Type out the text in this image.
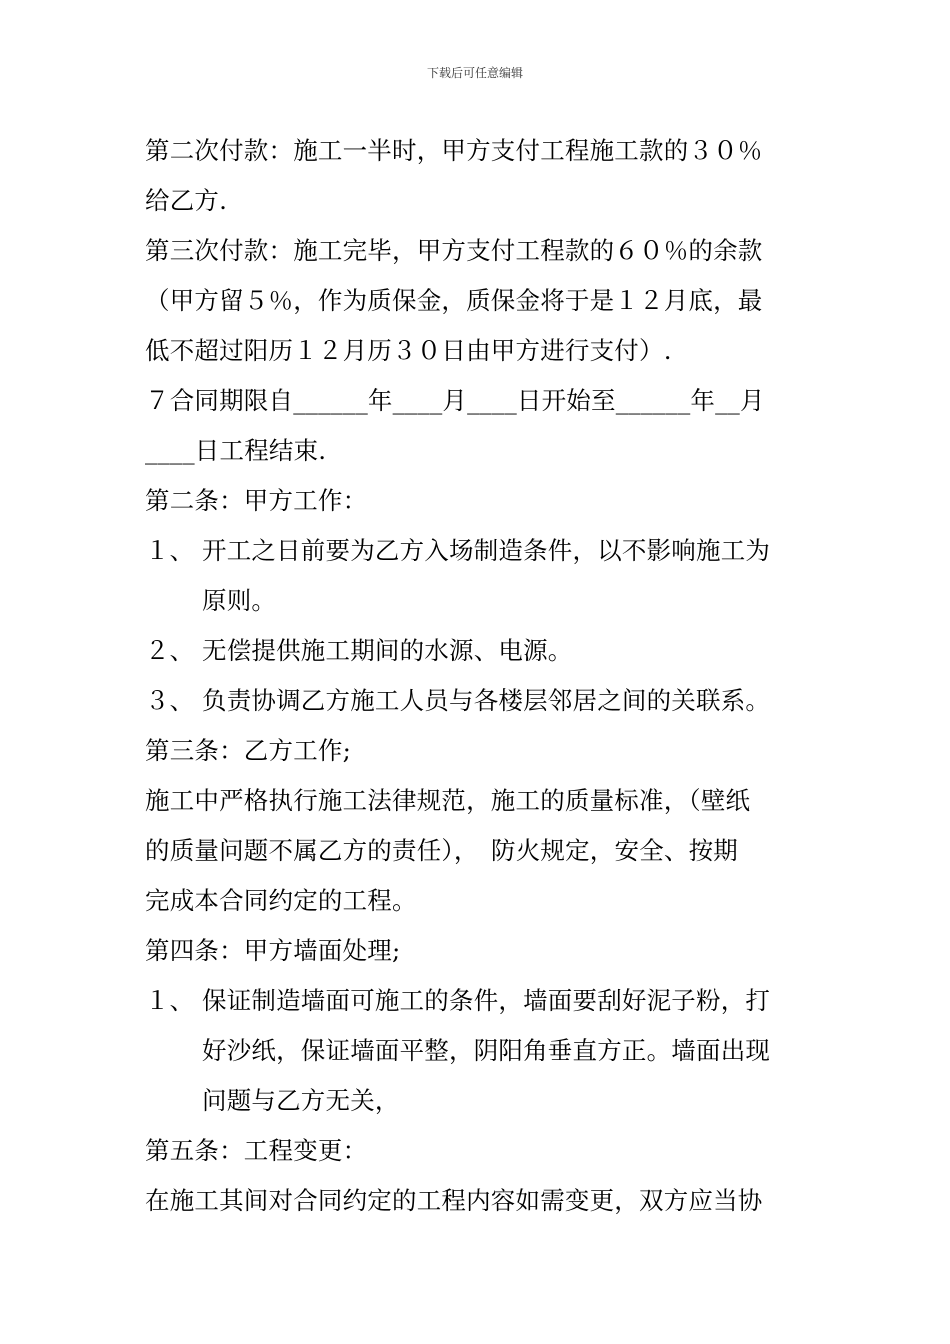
下载后可任意编辑
第二次付款：施工一半时，甲方支付工程施工款的３０％
给乙方.
第三次付款：施工完毕，甲方支付工程款的６０％的余款
（甲方留５％，作为质保金，质保金将于是１２月底，最
低不超过阳历１２月历３０日由甲方进行支付）.
７合同期限自______年____月____日开始至______年__月
____日工程结束.
第二条：甲方工作：
１、 开工之日前要为乙方入场制造条件，以不影响施工为
原则。
２、 无偿提供施工期间的水源、电源。
３、 负责协调乙方施工人员与各楼层邻居之间的关联系。
第三条：乙方工作;
施工中严格执行施工法律规范，施工的质量标准，（壁纸
的质量问题不属乙方的责任），　防火规定，安全、按期
完成本合同约定的工程。
第四条：甲方墙面处理;
１、 保证制造墙面可施工的条件，墙面要刮好泥子粉，打
好沙纸，保证墙面平整，阴阳角垂直方正。墙面出现
问题与乙方无关，
第五条：工程变更：
在施工其间对合同约定的工程内容如需变更，双方应当协
